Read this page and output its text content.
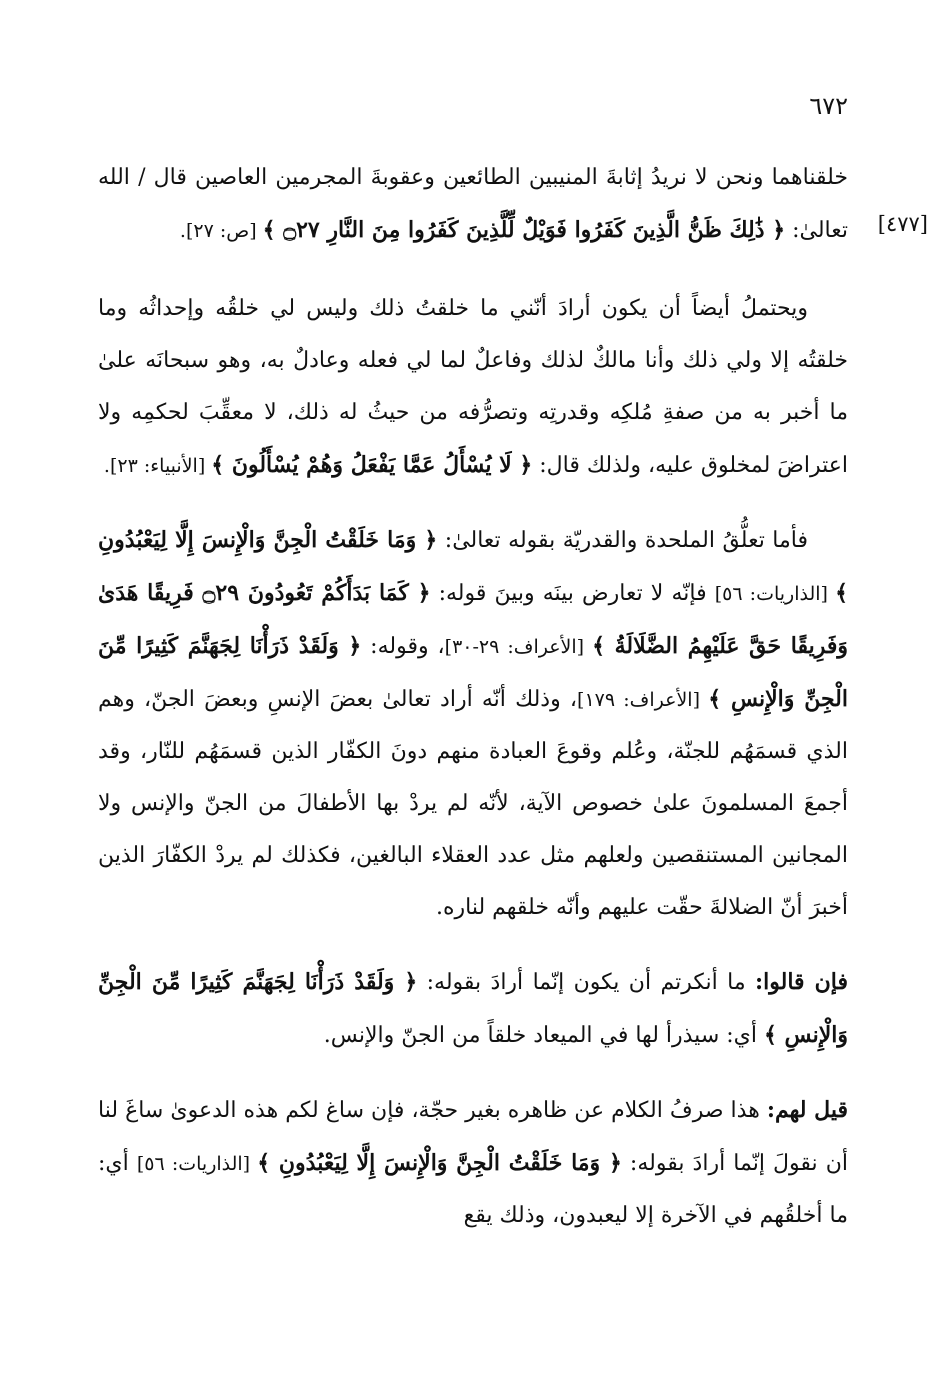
٦٧٢
[٤٧٧]

خلقناهما ونحن لا نريدُ إثابةَ المنيبين الطائعين وعقوبةَ المجرمين العاصين قال / الله تعالىٰ: ﴿ ذَٰلِكَ ظَنُّ الَّذِينَ كَفَرُوا فَوَيْلٌ لِّلَّذِينَ كَفَرُوا مِنَ النَّارِ ۝٢٧ ﴾ [ص: ٢٧].

ويحتملُ أيضاً أن يكون أرادَ أنّني ما خلقتُ ذلك وليس لي خلقُه وإحداثُه وما خلقتُه إلا ولي ذلك وأنا مالكٌ لذلك وفاعلٌ لما لي فعله وعادلٌ به، وهو سبحانَه علىٰ ما أخبر به من صفةِ مُلكِه وقدرتِه وتصرُّفه من حيثُ له ذلك، لا معقِّبَ لحكمِه ولا اعتراضَ لمخلوق عليه، ولذلك قال: ﴿ لَا يُسْأَلُ عَمَّا يَفْعَلُ وَهُمْ يُسْأَلُونَ ﴾ [الأنبياء: ٢٣].

فأما تعلُّقُ الملحدة والقدريّة بقوله تعالىٰ: ﴿ وَمَا خَلَقْتُ الْجِنَّ وَالْإِنسَ إِلَّا لِيَعْبُدُونِ ﴾ [الذاريات: ٥٦] فإنّه لا تعارض بينَه وبينَ قوله: ﴿ كَمَا بَدَأَكُمْ تَعُودُونَ ۝٢٩ فَرِيقًا هَدَىٰ وَفَرِيقًا حَقَّ عَلَيْهِمُ الضَّلَالَةُ ﴾ [الأعراف: ٢٩-٣٠]، وقوله: ﴿ وَلَقَدْ ذَرَأْنَا لِجَهَنَّمَ كَثِيرًا مِّنَ الْجِنِّ وَالْإِنسِ ﴾ [الأعراف: ١٧٩]، وذلك أنّه أراد تعالىٰ بعضَ الإنسِ وبعضَ الجنّ، وهم الذي قسمَهُم للجنّة، وعُلم وقوعَ العبادة منهم دونَ الكفّار الذين قسمَهُم للنّار، وقد أجمعَ المسلمونَ علىٰ خصوص الآية، لأنّه لم يردْ بها الأطفالَ من الجنّ والإنس ولا المجانين المستنقصين ولعلهم مثل عدد العقلاء البالغين، فكذلك لم يردْ الكفّارَ الذين أخبرَ أنّ الضلالةَ حقّت عليهم وأنّه خلقهم لناره.

فإن قالوا: ما أنكرتم أن يكون إنّما أرادَ بقوله: ﴿ وَلَقَدْ ذَرَأْنَا لِجَهَنَّمَ كَثِيرًا مِّنَ الْجِنِّ وَالْإِنسِ ﴾ أي: سيذرأ لها في الميعاد خلقاً من الجنّ والإنس.

قيل لهم: هذا صرفُ الكلام عن ظاهره بغير حجّة، فإن ساغ لكم هذه الدعوىٰ ساغَ لنا أن نقولَ إنّما أرادَ بقوله: ﴿ وَمَا خَلَقْتُ الْجِنَّ وَالْإِنسَ إِلَّا لِيَعْبُدُونِ ﴾ [الذاريات: ٥٦] أي: ما أخلقُهم في الآخرة إلا ليعبدون، وذلك يقع
